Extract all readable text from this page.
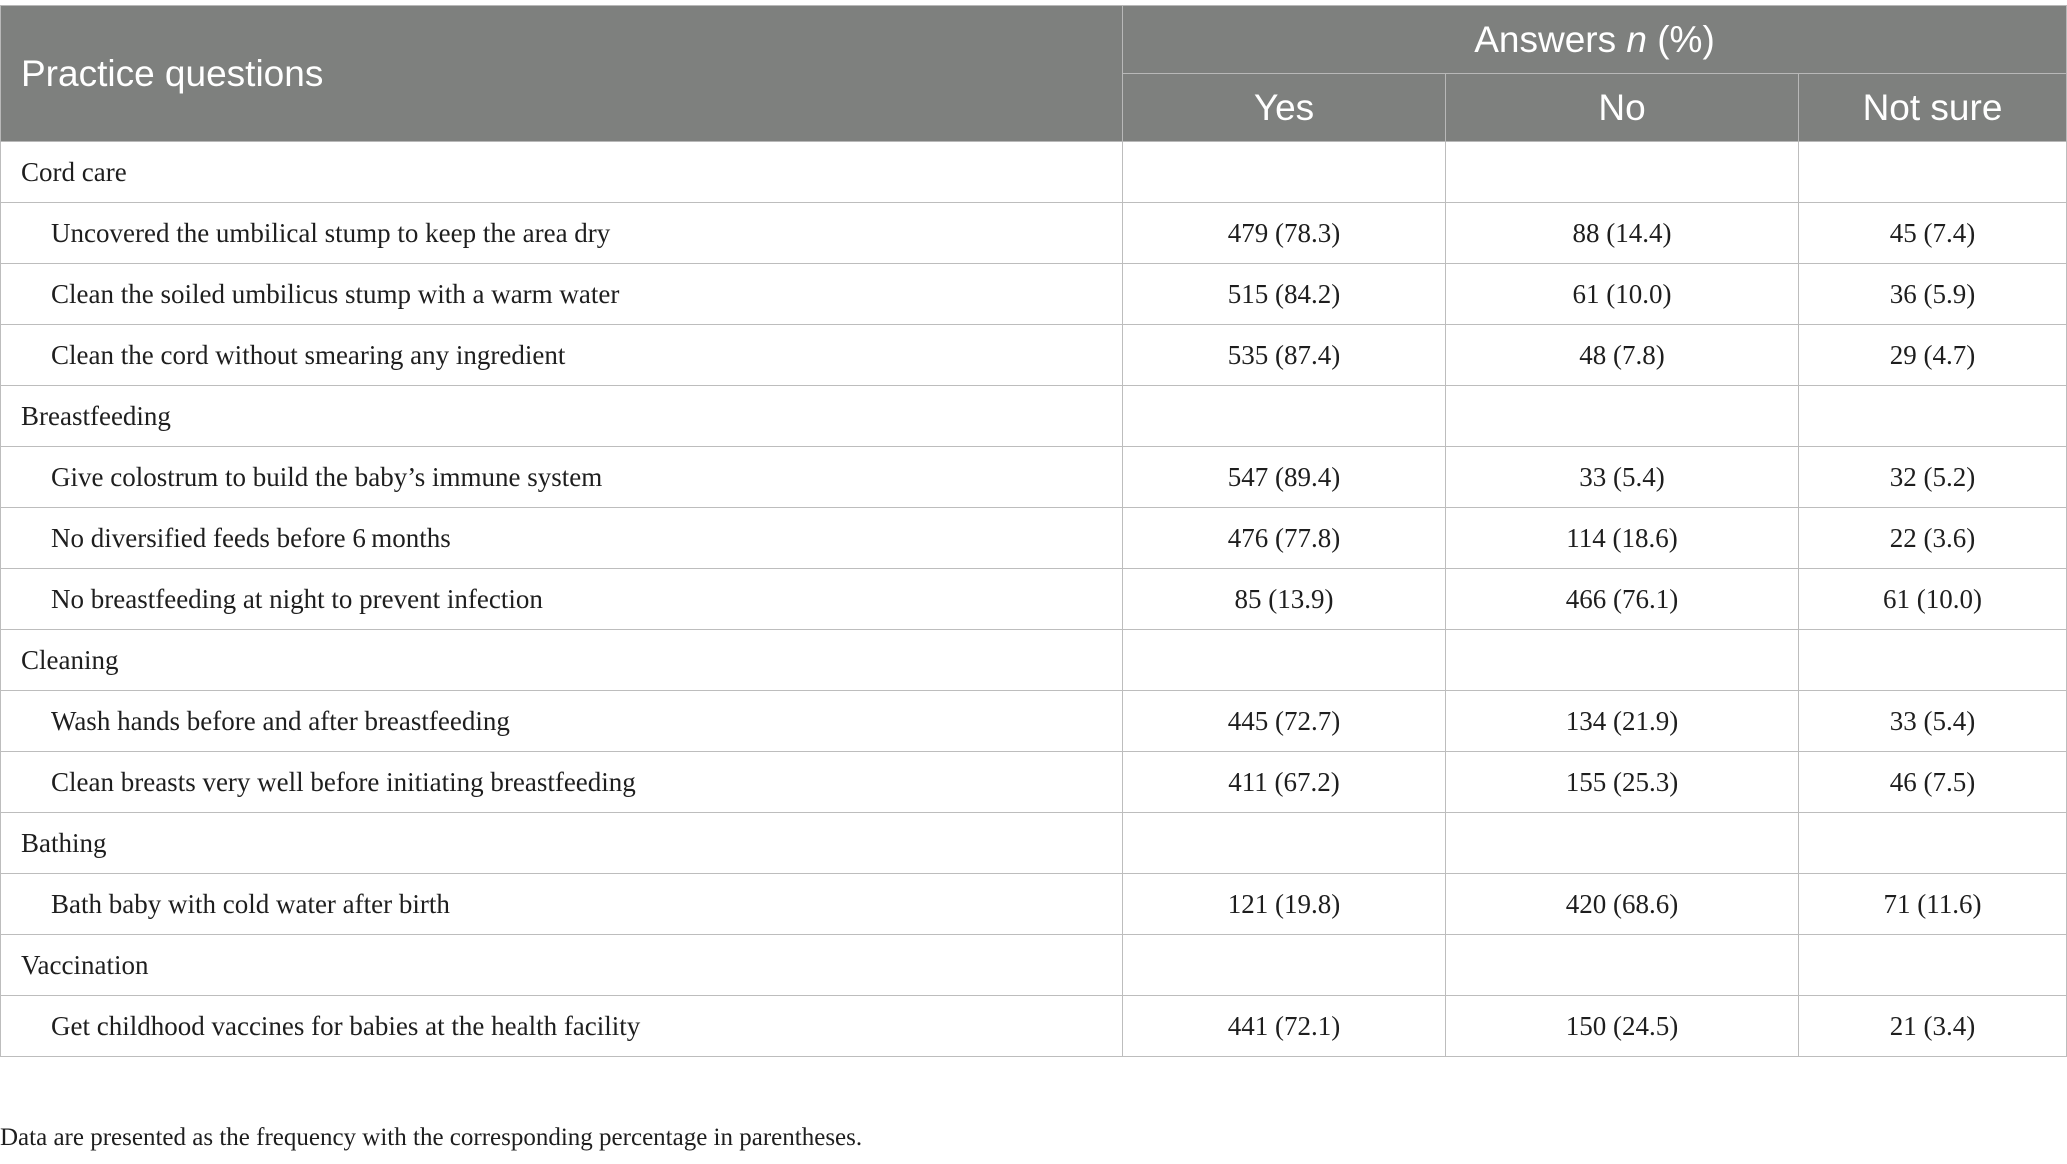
Practice questions	Answers n (%)		
	Yes	No	Not sure
Cord care			
Uncovered the umbilical stump to keep the area dry	479 (78.3)	88 (14.4)	45 (7.4)
Clean the soiled umbilicus stump with a warm water	515 (84.2)	61 (10.0)	36 (5.9)
Clean the cord without smearing any ingredient	535 (87.4)	48 (7.8)	29 (4.7)
Breastfeeding			
Give colostrum to build the baby’s immune system	547 (89.4)	33 (5.4)	32 (5.2)
No diversified feeds before 6 months	476 (77.8)	114 (18.6)	22 (3.6)
No breastfeeding at night to prevent infection	85 (13.9)	466 (76.1)	61 (10.0)
Cleaning			
Wash hands before and after breastfeeding	445 (72.7)	134 (21.9)	33 (5.4)
Clean breasts very well before initiating breastfeeding	411 (67.2)	155 (25.3)	46 (7.5)
Bathing			
Bath baby with cold water after birth	121 (19.8)	420 (68.6)	71 (11.6)
Vaccination			
Get childhood vaccines for babies at the health facility	441 (72.1)	150 (24.5)	21 (3.4)
Data are presented as the frequency with the corresponding percentage in parentheses.
